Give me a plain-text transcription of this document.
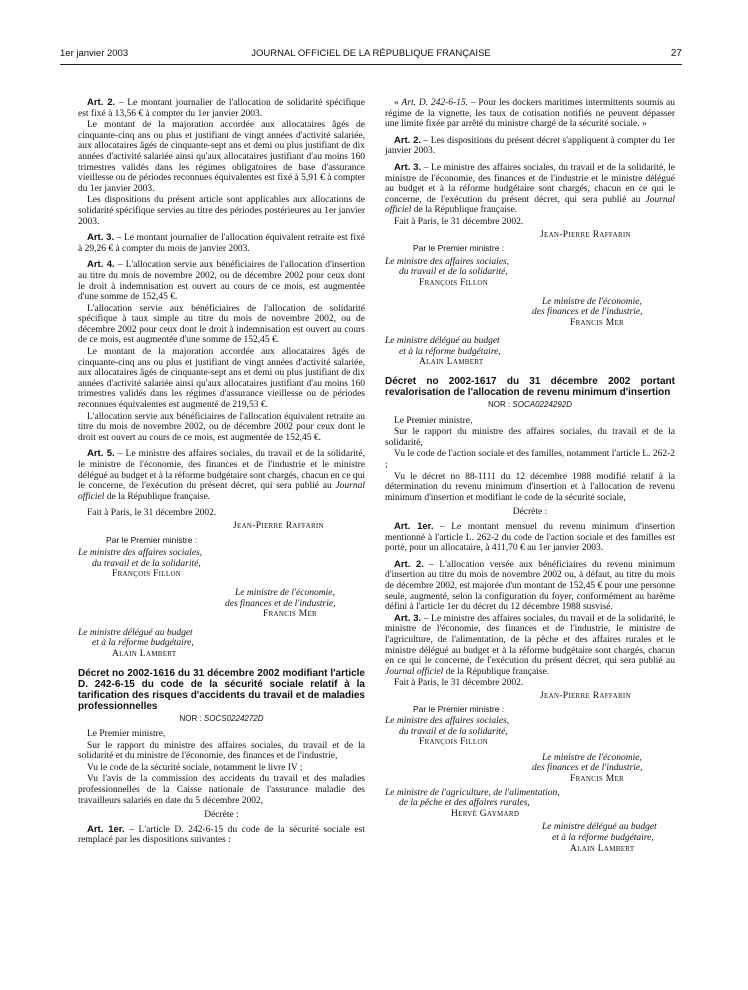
1er janvier 2003	JOURNAL OFFICIEL DE LA RÉPUBLIQUE FRANÇAISE	27

Art. 2. – Le montant journalier de l'allocation de solidarité spécifique est fixé à 13,56 € à compter du 1er janvier 2003.

Le montant de la majoration accordée aux allocataires âgés de cinquante-cinq ans ou plus et justifiant de vingt années d'activité salariée, aux allocataires âgés de cinquante-sept ans et demi ou plus justifiant de dix années d'activité salariée ainsi qu'aux allocataires justifiant d'au moins 160 trimestres validés dans les régimes obligatoires de base d'assurance vieillesse ou de périodes reconnues équivalentes est fixé à 5,91 € à compter du 1er janvier 2003.

Les dispositions du présent article sont applicables aux allocations de solidarité spécifique servies au titre des périodes postérieures au 1er janvier 2003.

Art. 3. – Le montant journalier de l'allocation équivalent retraite est fixé à 29,26 € à compter du mois de janvier 2003.

Art. 4. – L'allocation servie aux bénéficiaires de l'allocation d'insertion au titre du mois de novembre 2002, ou de décembre 2002 pour ceux dont le droit à indemnisation est ouvert au cours de ce mois, est augmentée d'une somme de 152,45 €.

L'allocation servie aux bénéficiaires de l'allocation de solidarité spécifique à taux simple au titre du mois de novembre 2002, ou de décembre 2002 pour ceux dont le droit à indemnisation est ouvert au cours de ce mois, est augmentée d'une somme de 152,45 €.

Le montant de la majoration accordée aux allocataires âgés de cinquante-cinq ans ou plus et justifiant de vingt années d'activité salariée, aux allocataires âgés de cinquante-sept ans et demi ou plus justifiant de dix années d'activité salariée ainsi qu'aux allocataires justifiant d'au moins 160 trimestres validés dans les régimes d'assurance vieillesse ou de périodes reconnues équivalentes est augmenté de 219,53 €.

L'allocation servie aux bénéficiaires de l'allocation équivalent retraite au titre du mois de novembre 2002, ou de décembre 2002 pour ceux dont le droit est ouvert au cours de ce mois, est augmentée de 152,45 €.

Art. 5. – Le ministre des affaires sociales, du travail et de la solidarité, le ministre de l'économie, des finances et de l'industrie et le ministre délégué au budget et à la réforme budgétaire sont chargés, chacun en ce qui le concerne, de l'exécution du présent décret, qui sera publié au Journal officiel de la République française.

Fait à Paris, le 31 décembre 2002.

Jean-Pierre Raffarin
Par le Premier ministre :
Le ministre des affaires sociales,
du travail et de la solidarité,
François Fillon
Le ministre de l'économie,
des finances et de l'industrie,
Francis Mer
Le ministre délégué au budget
et à la réforme budgétaire,
Alain Lambert
Décret no 2002-1616 du 31 décembre 2002 modifiant l'article D. 242-6-15 du code de la sécurité sociale relatif à la tarification des risques d'accidents du travail et de maladies professionnelles
NOR : SOCS0224272D

Le Premier ministre,

Sur le rapport du ministre des affaires sociales, du travail et de la solidarité et du ministre de l'économie, des finances et de l'industrie,

Vu le code de la sécurité sociale, notamment le livre IV ;

Vu l'avis de la commission des accidents du travail et des maladies professionnelles de la Caisse nationale de l'assurance maladie des travailleurs salariés en date du 5 décembre 2002,

Décrète :

Art. 1er. – L'article D. 242-6-15 du code de la sécurité sociale est remplacé par les dispositions suivantes :

« Art. D. 242-6-15. – Pour les dockers maritimes intermittents soumis au régime de la vignette, les taux de cotisation notifiés ne peuvent dépasser une limite fixée par arrêté du ministre chargé de la sécurité sociale. »

Art. 2. – Les dispositions du présent décret s'appliquent à compter du 1er janvier 2003.

Art. 3. – Le ministre des affaires sociales, du travail et de la solidarité, le ministre de l'économie, des finances et de l'industrie et le ministre délégué au budget et à la réforme budgétaire sont chargés, chacun en ce qui le concerne, de l'exécution du présent décret, qui sera publié au Journal officiel de la République française.

Fait à Paris, le 31 décembre 2002.

Jean-Pierre Raffarin
Par le Premier ministre :
Le ministre des affaires sociales,
du travail et de la solidarité,
François Fillon
Le ministre de l'économie,
des finances et de l'industrie,
Francis Mer
Le ministre délégué au budget
et à la réforme budgétaire,
Alain Lambert
Décret no 2002-1617 du 31 décembre 2002 portant revalorisation de l'allocation de revenu minimum d'insertion
NOR : SOCA0224292D

Le Premier ministre,

Sur le rapport du ministre des affaires sociales, du travail et de la solidarité,

Vu le code de l'action sociale et des familles, notamment l'article L. 262-2 ;

Vu le décret no 88-1111 du 12 décembre 1988 modifié relatif à la détermination du revenu minimum d'insertion et à l'allocation de revenu minimum d'insertion et modifiant le code de la sécurité sociale,

Décrète :

Art. 1er. – Le montant mensuel du revenu minimum d'insertion mentionné à l'article L. 262-2 du code de l'action sociale et des familles est porté, pour un allocataire, à 411,70 € au 1er janvier 2003.

Art. 2. – L'allocation versée aux bénéficiaires du revenu minimum d'insertion au titre du mois de novembre 2002 ou, à défaut, au titre du mois de décembre 2002, est majorée d'un montant de 152,45 € pour une personne seule, augmenté, selon la configuration du foyer, conformément au barème défini à l'article 1er du décret du 12 décembre 1988 susvisé.

Art. 3. – Le ministre des affaires sociales, du travail et de la solidarité, le ministre de l'économie, des finances et de l'industrie, le ministre de l'agriculture, de l'alimentation, de la pêche et des affaires rurales et le ministre délégué au budget et à la réforme budgétaire sont chargés, chacun en ce qui le concerne, de l'exécution du présent décret, qui sera publié au Journal officiel de la République française.

Fait à Paris, le 31 décembre 2002.

Jean-Pierre Raffarin
Par le Premier ministre :
Le ministre des affaires sociales,
du travail et de la solidarité,
François Fillon
Le ministre de l'économie,
des finances et de l'industrie,
Francis Mer
Le ministre de l'agriculture, de l'alimentation,
de la pêche et des affaires rurales,
Hervé Gaymard
Le ministre délégué au budget
et à la réforme budgétaire,
Alain Lambert
